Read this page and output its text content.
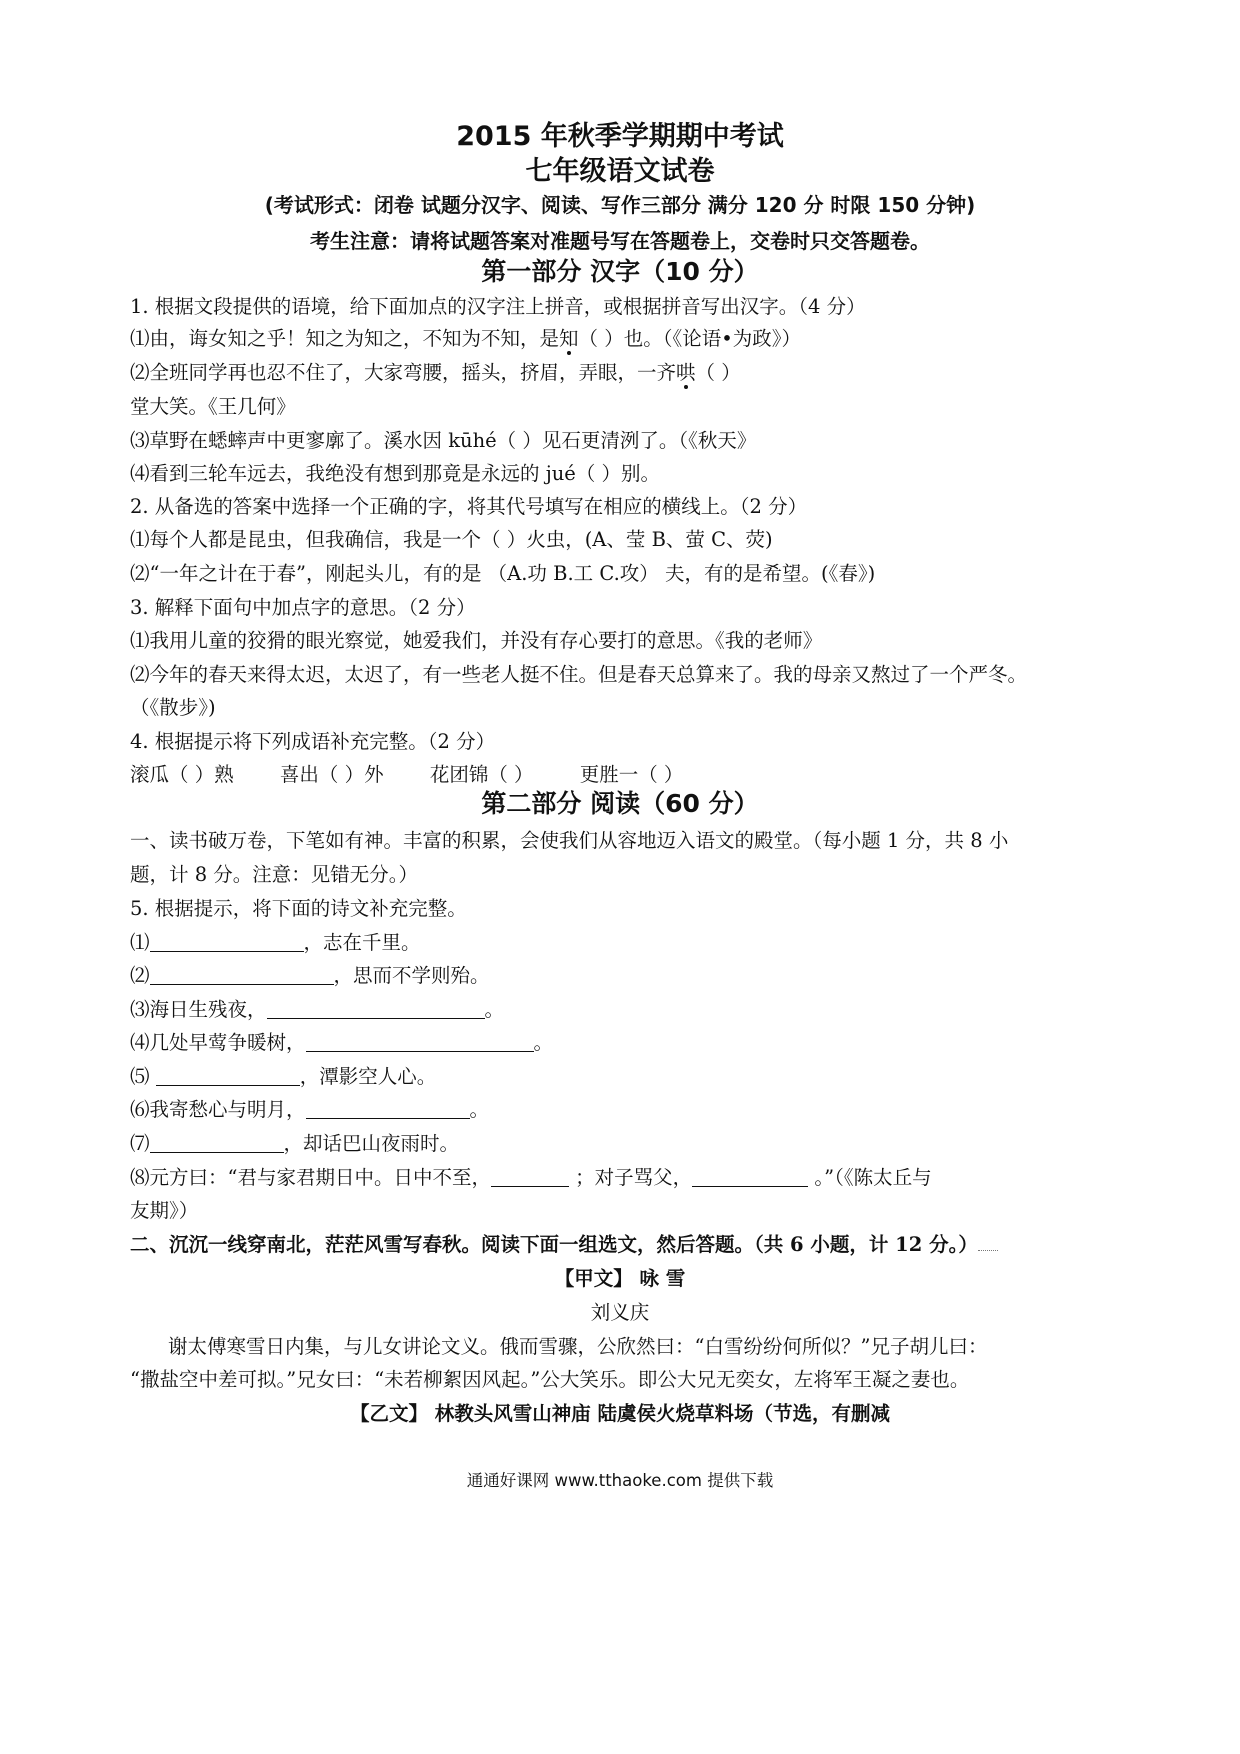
2015 年秋季学期期中考试
七年级语文试卷
(考试形式：闭卷 试题分汉字、阅读、写作三部分 满分 120 分 时限 150 分钟)
考生注意：请将试题答案对准题号写在答题卷上，交卷时只交答题卷。
第一部分 汉字（10 分）
1. 根据文段提供的语境，给下面加点的汉字注上拼音，或根据拼音写出汉字。（4 分）
⑴由，诲女知之乎！知之为知之，不知为不知，是知（ ）也。（《论语•为政》）
⑵全班同学再也忍不住了，大家弯腰，摇头，挤眉，弄眼，一齐哄（ ）
堂大笑。《王几何》
⑶草野在蟋蟀声中更寥廓了。溪水因 kūhé（ ）见石更清洌了。（《秋天》
⑷看到三轮车远去，我绝没有想到那竟是永远的 jué（ ）别。
2. 从备选的答案中选择一个正确的字，将其代号填写在相应的横线上。（2 分）
⑴每个人都是昆虫，但我确信，我是一个（ ）火虫，(A、莹 B、萤 C、荧)
⑵“一年之计在于春”，刚起头儿，有的是 （A.功 B.工 C.攻） 夫，有的是希望。(《春》)
3. 解释下面句中加点字的意思。（2 分）
⑴我用儿童的狡猾的眼光察觉，她爱我们，并没有存心要打的意思。《我的老师》
⑵今年的春天来得太迟，太迟了，有一些老人挺不住。但是春天总算来了。我的母亲又熬过了一个严冬。
（《散步》)
4. 根据提示将下列成语补充完整。（2 分）
滚瓜（ ）熟 喜出（ ）外 花团锦（ ） 更胜一（ ）
第二部分 阅读（60 分）
一、读书破万卷，下笔如有神。丰富的积累，会使我们从容地迈入语文的殿堂。（每小题 1 分，共 8 小
题，计 8 分。注意：见错无分。）
5. 根据提示，将下面的诗文补充完整。
⑴	，志在千里。
⑵	，思而不学则殆。
⑶海日生残夜，	。
⑷几处早莺争暖树，	。
⑸	，潭影空人心。
⑹我寄愁心与明月，	。
⑺	，却话巴山夜雨时。
⑻元方曰：“君与家君期日中。日中不至，	；对子骂父，	。”（《陈太丘与
友期》）
二、沉沉一线穿南北，茫茫风雪写春秋。阅读下面一组选文，然后答题。（共 6 小题，计 12 分。）
【甲文】 咏 雪
刘义庆
谢太傅寒雪日内集，与儿女讲论文义。俄而雪骤，公欣然曰：“白雪纷纷何所似？”兄子胡儿曰：
“撒盐空中差可拟。”兄女曰：“未若柳絮因风起。”公大笑乐。即公大兄无奕女，左将军王凝之妻也。
【乙文】 林教头风雪山神庙 陆虞侯火烧草料场（节选，有删减
通通好课网 www.tthaoke.com 提供下载
